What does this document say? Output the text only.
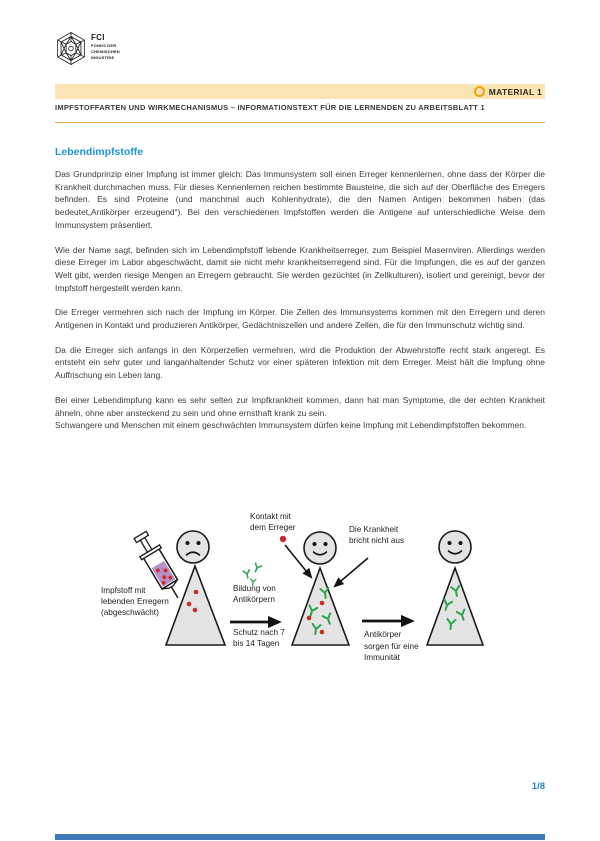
FCI
FONDS DER
CHEMISCHEN
INDUSTRIE
MATERIAL 1
IMPFSTOFFARTEN UND WIRKMECHANISMUS – INFORMATIONSTEXT FÜR DIE LERNENDEN ZU ARBEITSBLATT 1
Lebendimpfstoffe

Das Grundprinzip einer Impfung ist immer gleich: Das Immunsystem soll einen Erreger kennenlernen, ohne dass der Körper die Krankheit durchmachen muss. Für dieses Kennenlernen reichen bestimmte Bausteine, die sich auf der Oberfläche des Erregers befinden. Es sind Proteine (und manchmal auch Kohlenhydrate), die den Namen Antigen bekommen haben (das bedeutet„Antikörper erzeugend“). Bei den verschiedenen Impfstoffen werden die Antigene auf unterschiedliche Weise dem Immunsystem präsentiert.

Wie der Name sagt, befinden sich im Lebendimpfstoff lebende Krankheitserreger, zum Beispiel Masernviren. Allerdings werden diese Erreger im Labor abgeschwächt, damit sie nicht mehr krankheitserregend sind. Für die Impfungen, die es auf der ganzen Welt gibt, werden riesige Mengen an Erregern gebraucht. Sie werden gezüchtet (in Zellkulturen), isoliert und gereinigt, bevor der Impfstoff hergestellt werden kann.

Die Erreger vermehren sich nach der Impfung im Körper. Die Zellen des Immunsystems kommen mit den Erregern und deren Antigenen in Kontakt und produzieren Antikörper, Gedächtniszellen und andere Zellen, die für den Immunschutz wichtig sind.

Da die Erreger sich anfangs in den Körperzellen vermehren, wird die Produktion der Abwehrstoffe recht stark angeregt. Es entsteht ein sehr guter und langanhaltender Schutz vor einer späteren Infektion mit dem Erreger. Meist hält die Impfung ohne Auffrischung ein Leben lang.

Bei einer Lebendimpfung kann es sehr selten zur Impfkrankheit kommen, dann hat man Symptome, die der echten Krankheit ähneln, ohne aber ansteckend zu sein und ohne ernsthaft krank zu sein.

Schwangere und Menschen mit einem geschwächten Immunsystem dürfen keine Impfung mit Lebendimpfstoffen bekommen.

Kontakt mit
dem Erreger	Die Krankheit
bricht nicht aus
Impfstoff mit
lebenden Erregern
(abgeschwächt)
Bildung von
Antikörpern
Schutz nach 7
bis 14 Tagen
Antikörper
sorgen für eine
Immunität
1/8
